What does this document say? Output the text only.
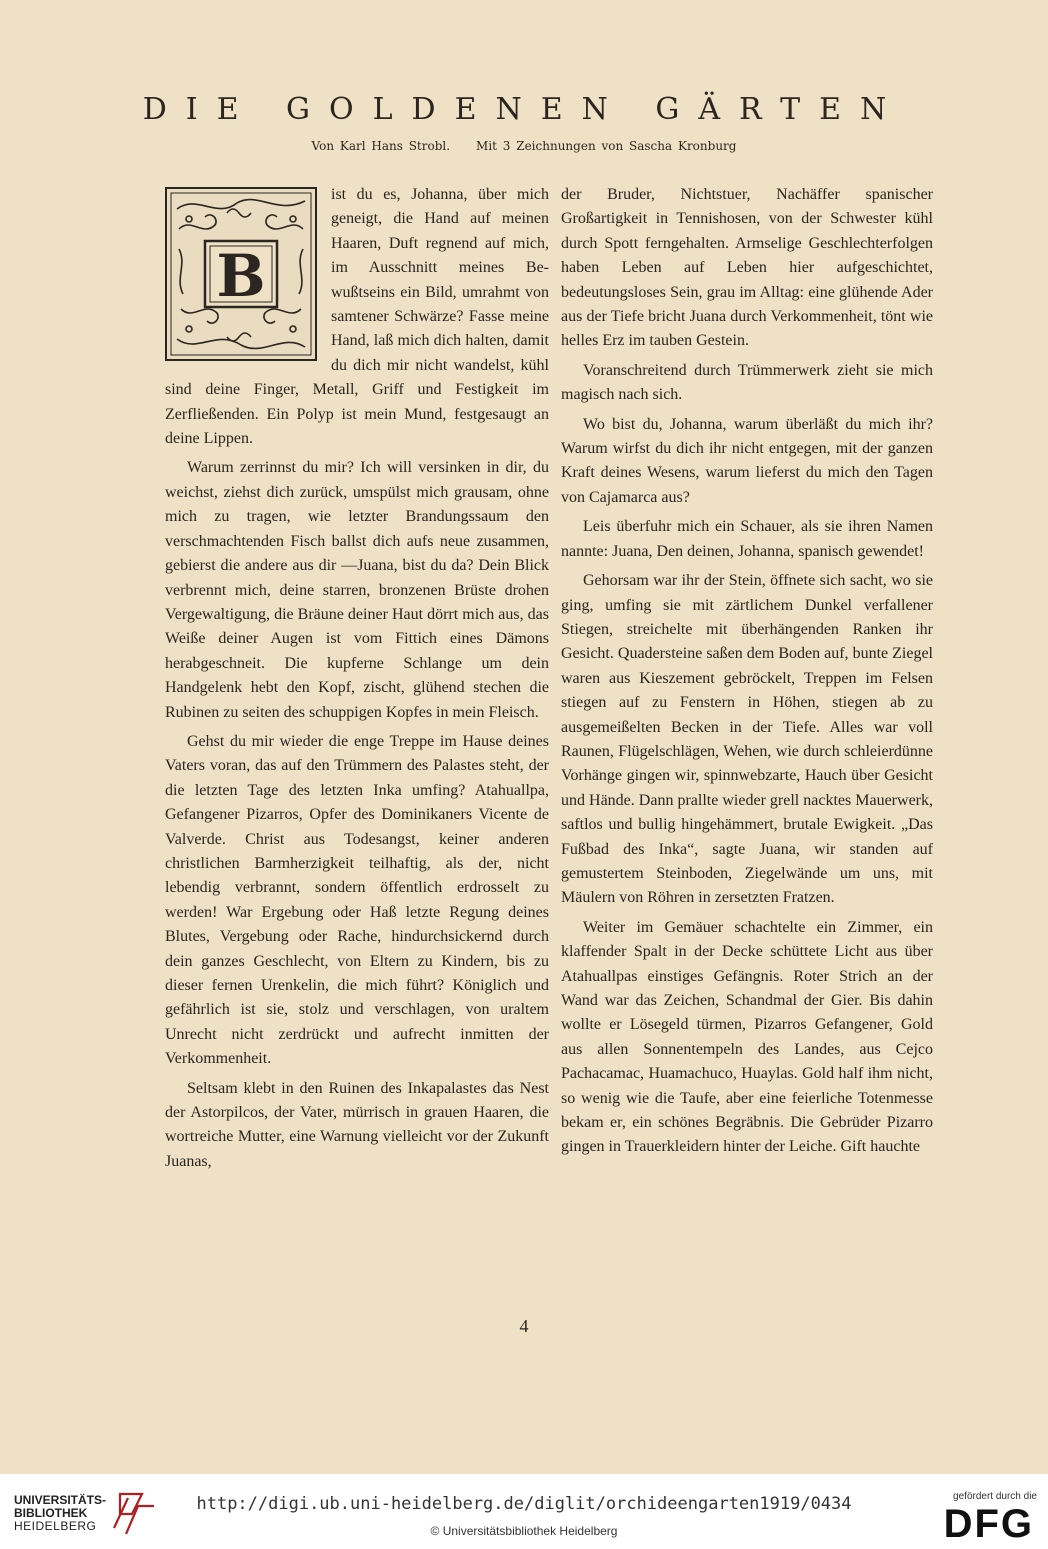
DIE GOLDENEN GÄRTEN
Von Karl Hans Strobl. Mit 3 Zeichnungen von Sascha Kronburg
B

ist du es, Johanna, über mich geneigt, die Hand auf meinen Haaren, Duft regnend auf mich, im Ausschnitt meines Bewußtseins ein Bild, umrahmt von samtener Schwärze? Fasse meine Hand, laß mich dich halten, damit du dich mir nicht wandelst, kühl sind deine Finger, Metall, Griff und Festigkeit im Zerfließenden. Ein Polyp ist mein Mund, festgesaugt an deine Lippen.

Warum zerrinnst du mir? Ich will versinken in dir, du weichst, ziehst dich zurück, umspülst mich grausam, ohne mich zu tragen, wie letzter Brandungssaum den verschmachtenden Fisch ballst dich aufs neue zusammen, gebierst die andere aus dir —Juana, bist du da? Dein Blick verbrennt mich, deine starren, bronzenen Brüste drohen Vergewaltigung, die Bräune deiner Haut dörrt mich aus, das Weiße deiner Augen ist vom Fittich eines Dämons herabgeschneit. Die kupferne Schlange um dein Handgelenk hebt den Kopf, zischt, glühend stechen die Rubinen zu seiten des schuppigen Kopfes in mein Fleisch.

Gehst du mir wieder die enge Treppe im Hause deines Vaters voran, das auf den Trümmern des Palastes steht, der die letzten Tage des letzten Inka umfing? Atahuallpa, Gefangener Pizarros, Opfer des Dominikaners Vicente de Valverde. Christ aus Todesangst, keiner anderen christlichen Barmherzigkeit teilhaftig, als der, nicht lebendig verbrannt, sondern öffentlich erdrosselt zu werden! War Ergebung oder Haß letzte Regung deines Blutes, Vergebung oder Rache, hindurchsickernd durch dein ganzes Geschlecht, von Eltern zu Kindern, bis zu dieser fernen Urenkelin, die mich führt? Königlich und gefährlich ist sie, stolz und verschlagen, von uraltem Unrecht nicht zerdrückt und aufrecht inmitten der Verkommenheit.

Seltsam klebt in den Ruinen des Inkapalastes das Nest der Astorpilcos, der Vater, mürrisch in grauen Haaren, die wortreiche Mutter, eine Warnung vielleicht vor der Zukunft Juanas,

der Bruder, Nichtstuer, Nachäffer spanischer Großartigkeit in Tennishosen, von der Schwester kühl durch Spott ferngehalten. Armselige Geschlechterfolgen haben Leben auf Leben hier aufgeschichtet, bedeutungsloses Sein, grau im Alltag: eine glühende Ader aus der Tiefe bricht Juana durch Verkommenheit, tönt wie helles Erz im tauben Gestein.

Voranschreitend durch Trümmerwerk zieht sie mich magisch nach sich.

Wo bist du, Johanna, warum überläßt du mich ihr? Warum wirfst du dich ihr nicht entgegen, mit der ganzen Kraft deines Wesens, warum lieferst du mich den Tagen von Cajamarca aus?

Leis überfuhr mich ein Schauer, als sie ihren Namen nannte: Juana, Den deinen, Johanna, spanisch gewendet!

Gehorsam war ihr der Stein, öffnete sich sacht, wo sie ging, umfing sie mit zärtlichem Dunkel verfallener Stiegen, streichelte mit überhängenden Ranken ihr Gesicht. Quadersteine saßen dem Boden auf, bunte Ziegel waren aus Kieszement gebröckelt, Treppen im Felsen stiegen auf zu Fenstern in Höhen, stiegen ab zu ausgemeißelten Becken in der Tiefe. Alles war voll Raunen, Flügelschlägen, Wehen, wie durch schleierdünne Vorhänge gingen wir, spinnwebzarte, Hauch über Gesicht und Hände. Dann prallte wieder grell nacktes Mauerwerk, saftlos und bullig hingehämmert, brutale Ewigkeit. „Das Fußbad des Inka“, sagte Juana, wir standen auf gemustertem Steinboden, Ziegelwände um uns, mit Mäulern von Röhren in zersetzten Fratzen.

Weiter im Gemäuer schachtelte ein Zimmer, ein klaffender Spalt in der Decke schüttete Licht aus über Atahuallpas einstiges Gefängnis. Roter Strich an der Wand war das Zeichen, Schandmal der Gier. Bis dahin wollte er Lösegeld türmen, Pizarros Gefangener, Gold aus allen Sonnentempeln des Landes, aus Cejco Pachacamac, Huamachuco, Huaylas. Gold half ihm nicht, so wenig wie die Taufe, aber eine feierliche Totenmesse bekam er, ein schönes Begräbnis. Die Gebrüder Pizarro gingen in Trauerkleidern hinter der Leiche. Gift hauchte

4
UNIVERSITÄTS-
BIBLIOTHEK
HEIDELBERG
http://digi.ub.uni-heidelberg.de/diglit/orchideengarten1919/0434
© Universitätsbibliothek Heidelberg
gefördert durch die
DFG
